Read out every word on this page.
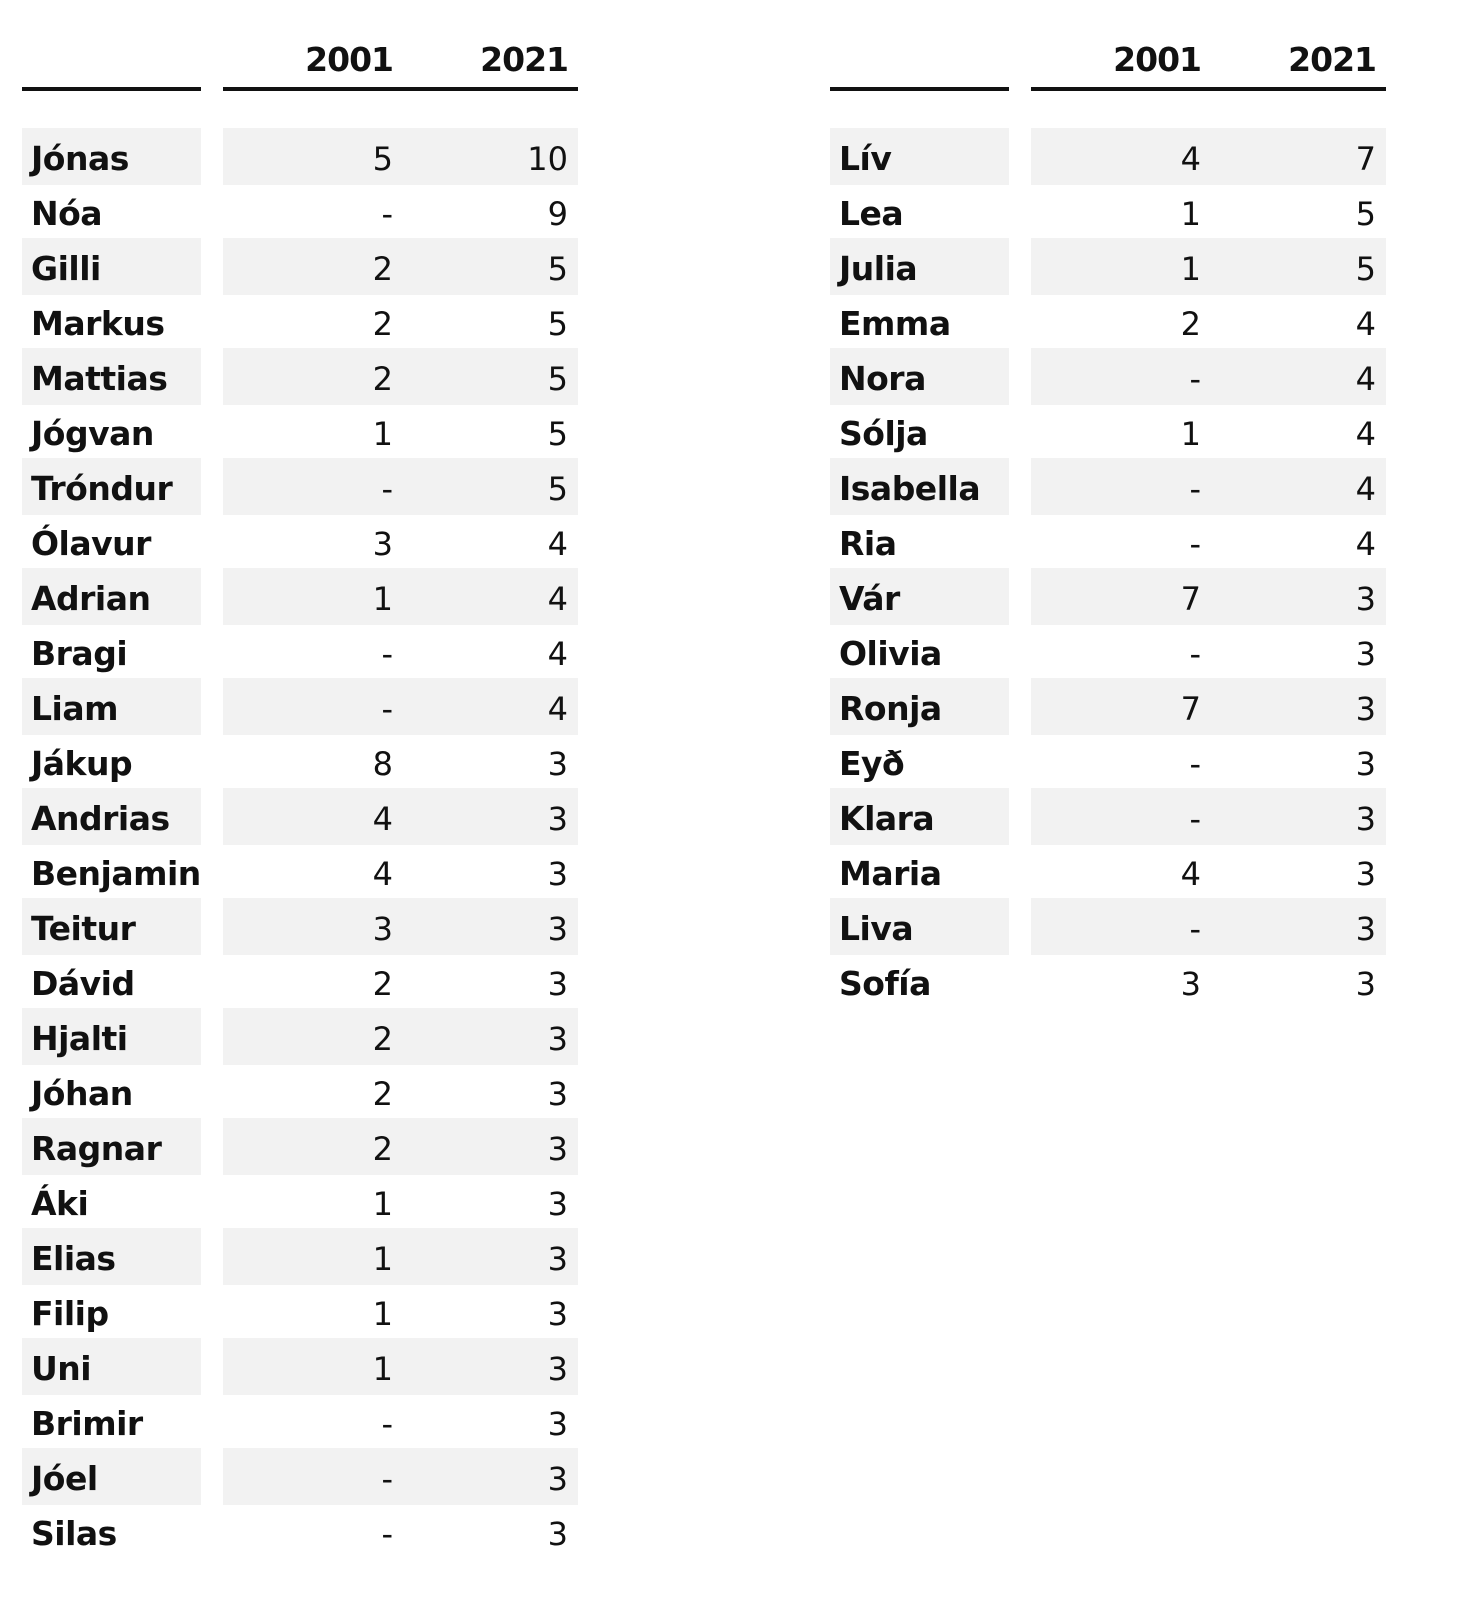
2001	2021
Jónas	5	10
Nóa	-	9
Gilli	2	5
Markus	2	5
Mattias	2	5
Jógvan	1	5
Tróndur	-	5
Ólavur	3	4
Adrian	1	4
Bragi	-	4
Liam	-	4
Jákup	8	3
Andrias	4	3
Benjamin	4	3
Teitur	3	3
Dávid	2	3
Hjalti	2	3
Jóhan	2	3
Ragnar	2	3
Áki	1	3
Elias	1	3
Filip	1	3
Uni	1	3
Brimir	-	3
Jóel	-	3
Silas	-	3
2001	2021
Lív	4	7
Lea	1	5
Julia	1	5
Emma	2	4
Nora	-	4
Sólja	1	4
Isabella	-	4
Ria	-	4
Vár	7	3
Olivia	-	3
Ronja	7	3
Eyð	-	3
Klara	-	3
Maria	4	3
Liva	-	3
Sofía	3	3
